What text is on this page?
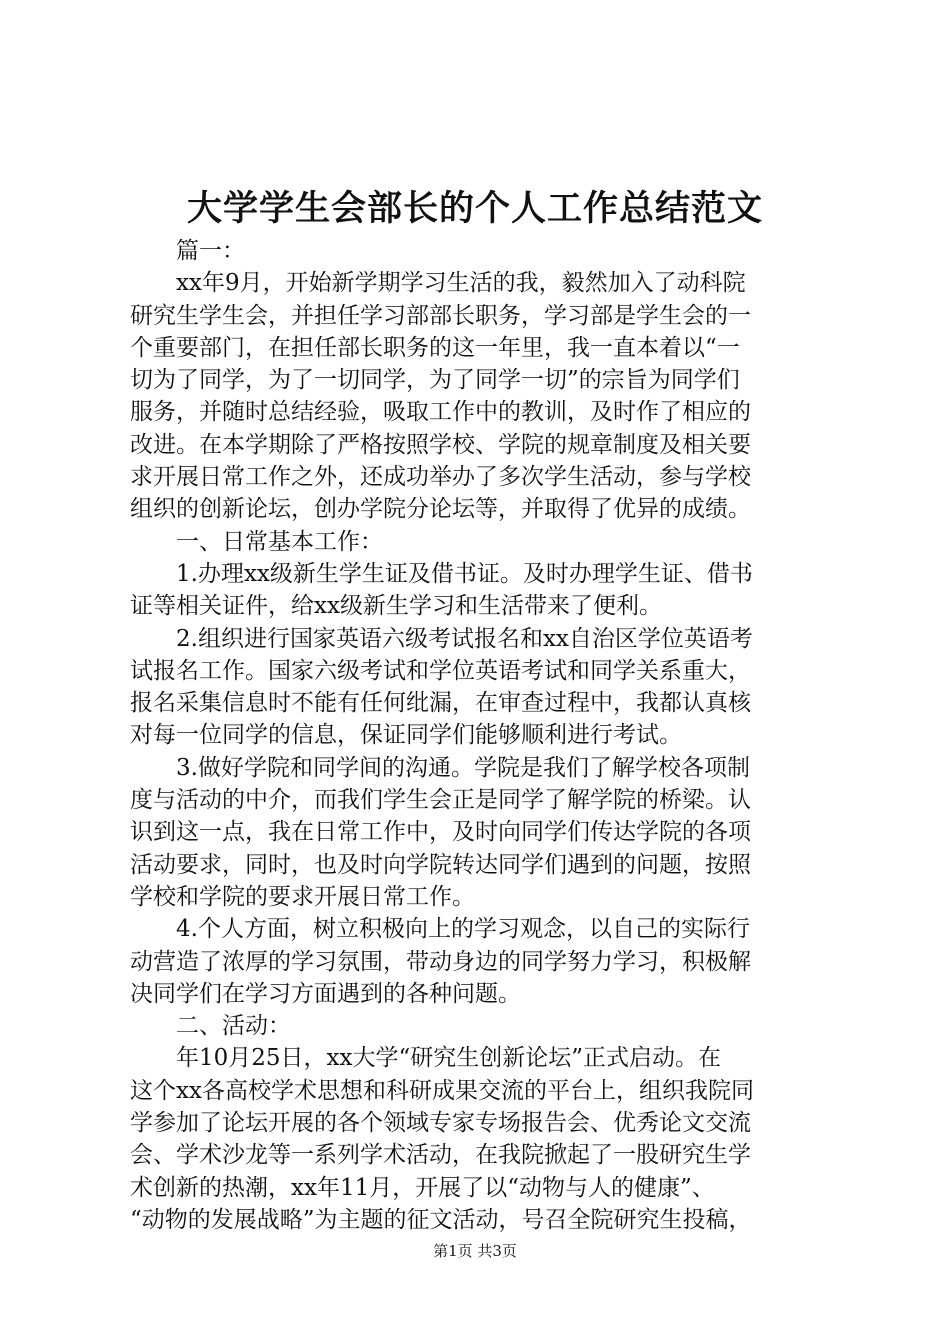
大学学生会部长的个人工作总结范文
　　篇一：
　　xx年9月，开始新学期学习生活的我，毅然加入了动科院
研究生学生会，并担任学习部部长职务，学习部是学生会的一
个重要部门，在担任部长职务的这一年里，我一直本着以“一
切为了同学，为了一切同学，为了同学一切”的宗旨为同学们
服务，并随时总结经验，吸取工作中的教训，及时作了相应的
改进。在本学期除了严格按照学校、学院的规章制度及相关要
求开展日常工作之外，还成功举办了多次学生活动，参与学校
组织的创新论坛，创办学院分论坛等，并取得了优异的成绩。
　　一、日常基本工作：
　　1.办理xx级新生学生证及借书证。及时办理学生证、借书
证等相关证件，给xx级新生学习和生活带来了便利。
　　2.组织进行国家英语六级考试报名和xx自治区学位英语考
试报名工作。国家六级考试和学位英语考试和同学关系重大，
报名采集信息时不能有任何纰漏，在审查过程中，我都认真核
对每一位同学的信息，保证同学们能够顺利进行考试。
　　3.做好学院和同学间的沟通。学院是我们了解学校各项制
度与活动的中介，而我们学生会正是同学了解学院的桥梁。认
识到这一点，我在日常工作中，及时向同学们传达学院的各项
活动要求，同时，也及时向学院转达同学们遇到的问题，按照
学校和学院的要求开展日常工作。
　　4.个人方面，树立积极向上的学习观念，以自己的实际行
动营造了浓厚的学习氛围，带动身边的同学努力学习，积极解
决同学们在学习方面遇到的各种问题。
　　二、活动：
　　年10月25日，xx大学“研究生创新论坛”正式启动。在
这个xx各高校学术思想和科研成果交流的平台上，组织我院同
学参加了论坛开展的各个领域专家专场报告会、优秀论文交流
会、学术沙龙等一系列学术活动，在我院掀起了一股研究生学
术创新的热潮，xx年11月，开展了以“动物与人的健康”、
“动物的发展战略”为主题的征文活动，号召全院研究生投稿，
第1页 共3页
